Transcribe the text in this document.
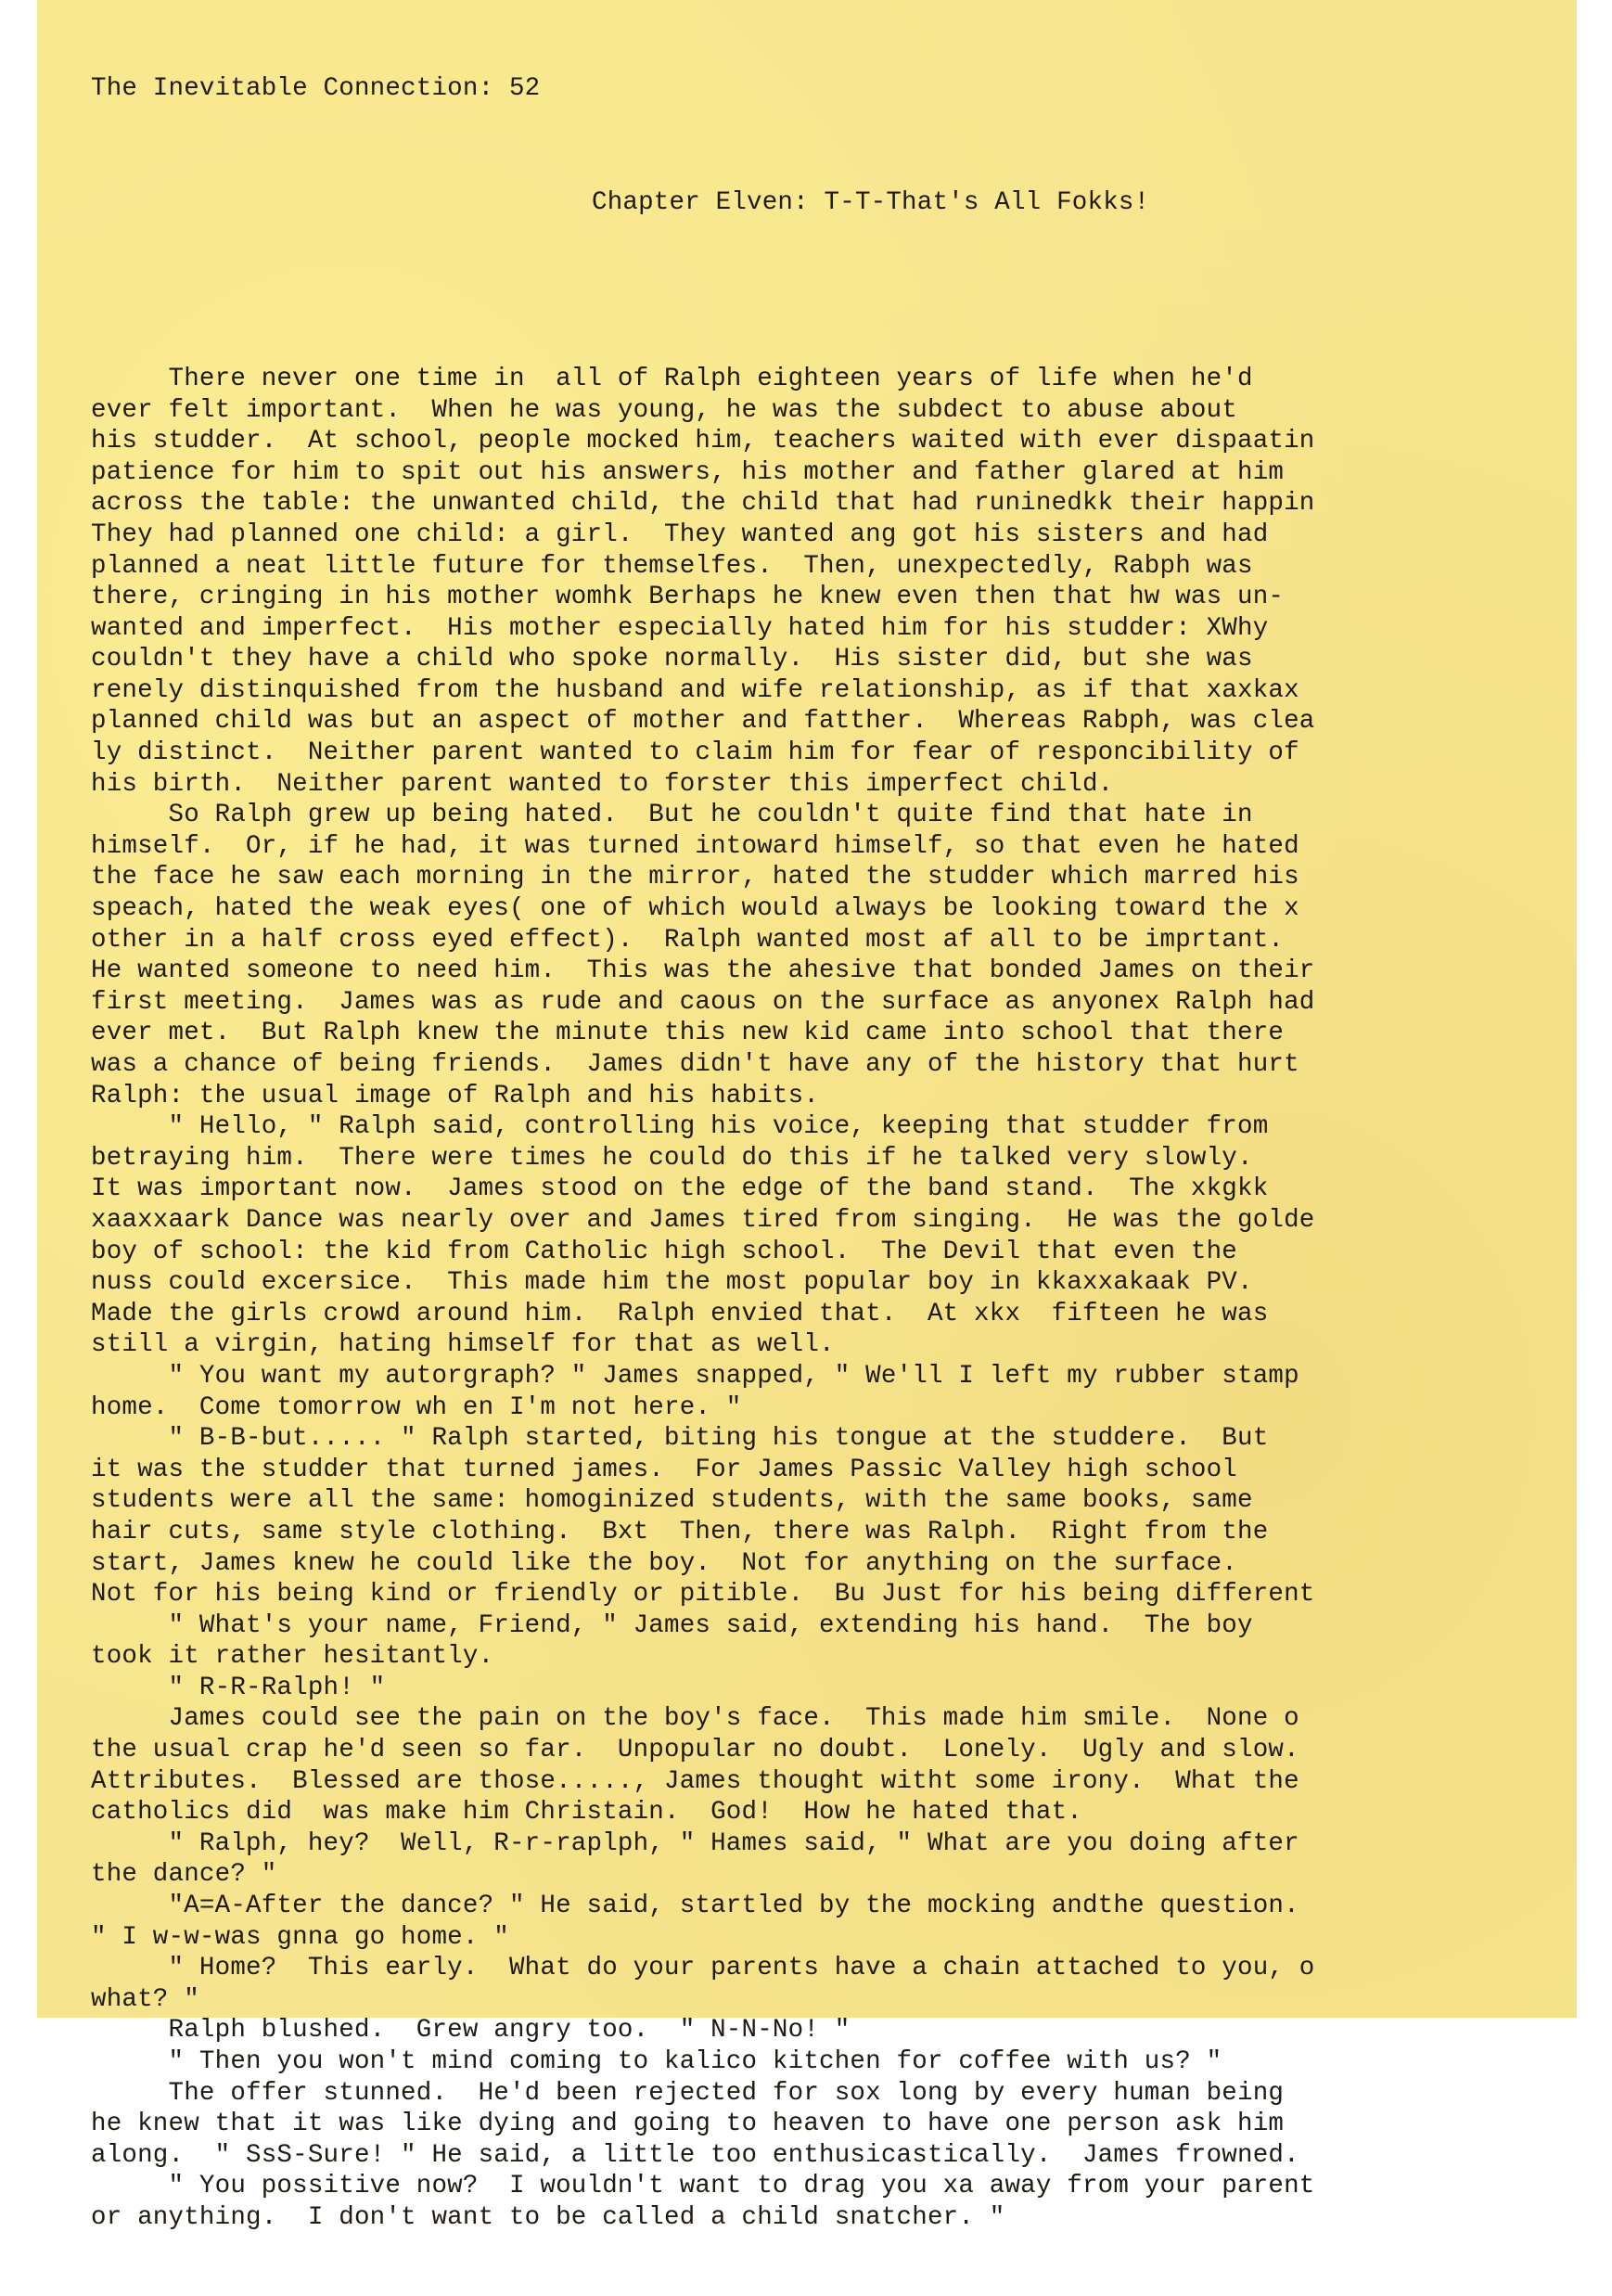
The Inevitable Connection: 52

Chapter Elven: T-T-That's All Fokks!

There never one time in  all of Ralph eighteen years of life when he'd
ever felt important.  When he was young, he was the subdect to abuse about
his studder.  At school, people mocked him, teachers waited with ever dispaatin
patience for him to spit out his answers, his mother and father glared at him
across the table: the unwanted child, the child that had runinedkk their happin
They had planned one child: a girl.  They wanted ang got his sisters and had
planned a neat little future for themselfes.  Then, unexpectedly, Rabph was
there, cringing in his mother womhk Berhaps he knew even then that hw was un-
wanted and imperfect.  His mother especially hated him for his studder: XWhy
couldn't they have a child who spoke normally.  His sister did, but she was
renely distinquished from the husband and wife relationship, as if that xaxkax
planned child was but an aspect of mother and fatther.  Whereas Rabph, was clea
ly distinct.  Neither parent wanted to claim him for fear of responcibility of
his birth.  Neither parent wanted to forster this imperfect child.
So Ralph grew up being hated.  But he couldn't quite find that hate in
himself.  Or, if he had, it was turned intoward himself, so that even he hated
the face he saw each morning in the mirror, hated the studder which marred his
speach, hated the weak eyes( one of which would always be looking toward the x
other in a half cross eyed effect).  Ralph wanted most af all to be imprtant.
He wanted someone to need him.  This was the ahesive that bonded James on their
first meeting.  James was as rude and caous on the surface as anyonex Ralph had
ever met.  But Ralph knew the minute this new kid came into school that there
was a chance of being friends.  James didn't have any of the history that hurt
Ralph: the usual image of Ralph and his habits.
" Hello, " Ralph said, controlling his voice, keeping that studder from
betraying him.  There were times he could do this if he talked very slowly.
It was important now.  James stood on the edge of the band stand.  The xkgkk
xaaxxaark Dance was nearly over and James tired from singing.  He was the golde
boy of school: the kid from Catholic high school.  The Devil that even the
nuss could excersice.  This made him the most popular boy in kkaxxakaak PV.
Made the girls crowd around him.  Ralph envied that.  At xkx  fifteen he was
still a virgin, hating himself for that as well.
" You want my autorgraph? " James snapped, " We'll I left my rubber stamp
home.  Come tomorrow wh en I'm not here. "
" B-B-but..... " Ralph started, biting his tongue at the studdere.  But
it was the studder that turned james.  For James Passic Valley high school
students were all the same: homoginized students, with the same books, same
hair cuts, same style clothing.  Bxt  Then, there was Ralph.  Right from the
start, James knew he could like the boy.  Not for anything on the surface.
Not for his being kind or friendly or pitible.  Bu Just for his being different
" What's your name, Friend, " James said, extending his hand.  The boy
took it rather hesitantly.
" R-R-Ralph! "
James could see the pain on the boy's face.  This made him smile.  None o
the usual crap he'd seen so far.  Unpopular no doubt.  Lonely.  Ugly and slow.
Attributes.  Blessed are those....., James thought witht some irony.  What the
catholics did  was make him Christain.  God!  How he hated that.
" Ralph, hey?  Well, R-r-raplph, " Hames said, " What are you doing after
the dance? "
"A=A-After the dance? " He said, startled by the mocking andthe question.
" I w-w-was gnna go home. "
" Home?  This early.  What do your parents have a chain attached to you, o
what? "
Ralph blushed.  Grew angry too.  " N-N-No! "
" Then you won't mind coming to kalico kitchen for coffee with us? "
The offer stunned.  He'd been rejected for sox long by every human being
he knew that it was like dying and going to heaven to have one person ask him
along.  " SsS-Sure! " He said, a little too enthusicastically.  James frowned.
" You possitive now?  I wouldn't want to drag you xa away from your parent
or anything.  I don't want to be called a child snatcher. "
